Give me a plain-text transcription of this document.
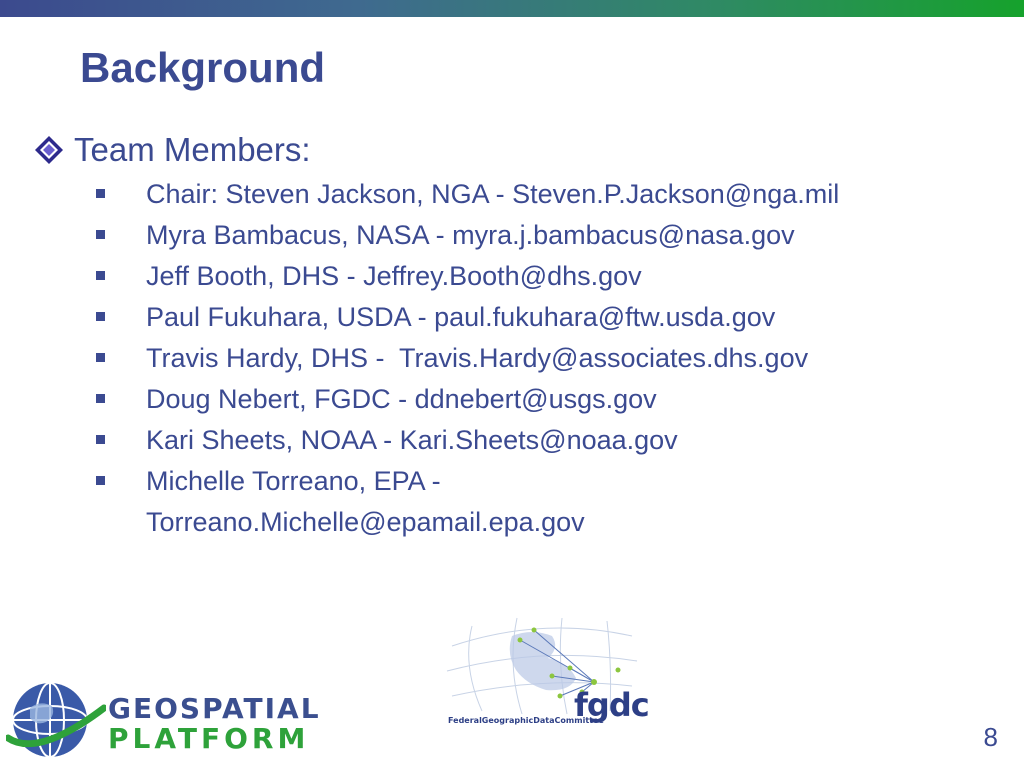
Background
Team Members:
Chair: Steven Jackson, NGA - Steven.P.Jackson@nga.mil
Myra Bambacus, NASA - myra.j.bambacus@nasa.gov
Jeff Booth, DHS - Jeffrey.Booth@dhs.gov
Paul Fukuhara, USDA - paul.fukuhara@ftw.usda.gov
Travis Hardy, DHS -  Travis.Hardy@associates.dhs.gov
Doug Nebert, FGDC - ddnebert@usgs.gov
Kari Sheets, NOAA - Kari.Sheets@noaa.gov
Michelle Torreano, EPA - Torreano.Michelle@epamail.epa.gov
GEOSPATIAL
PLATFORM
fgdc
FederalGeographicDataCommittee
8
